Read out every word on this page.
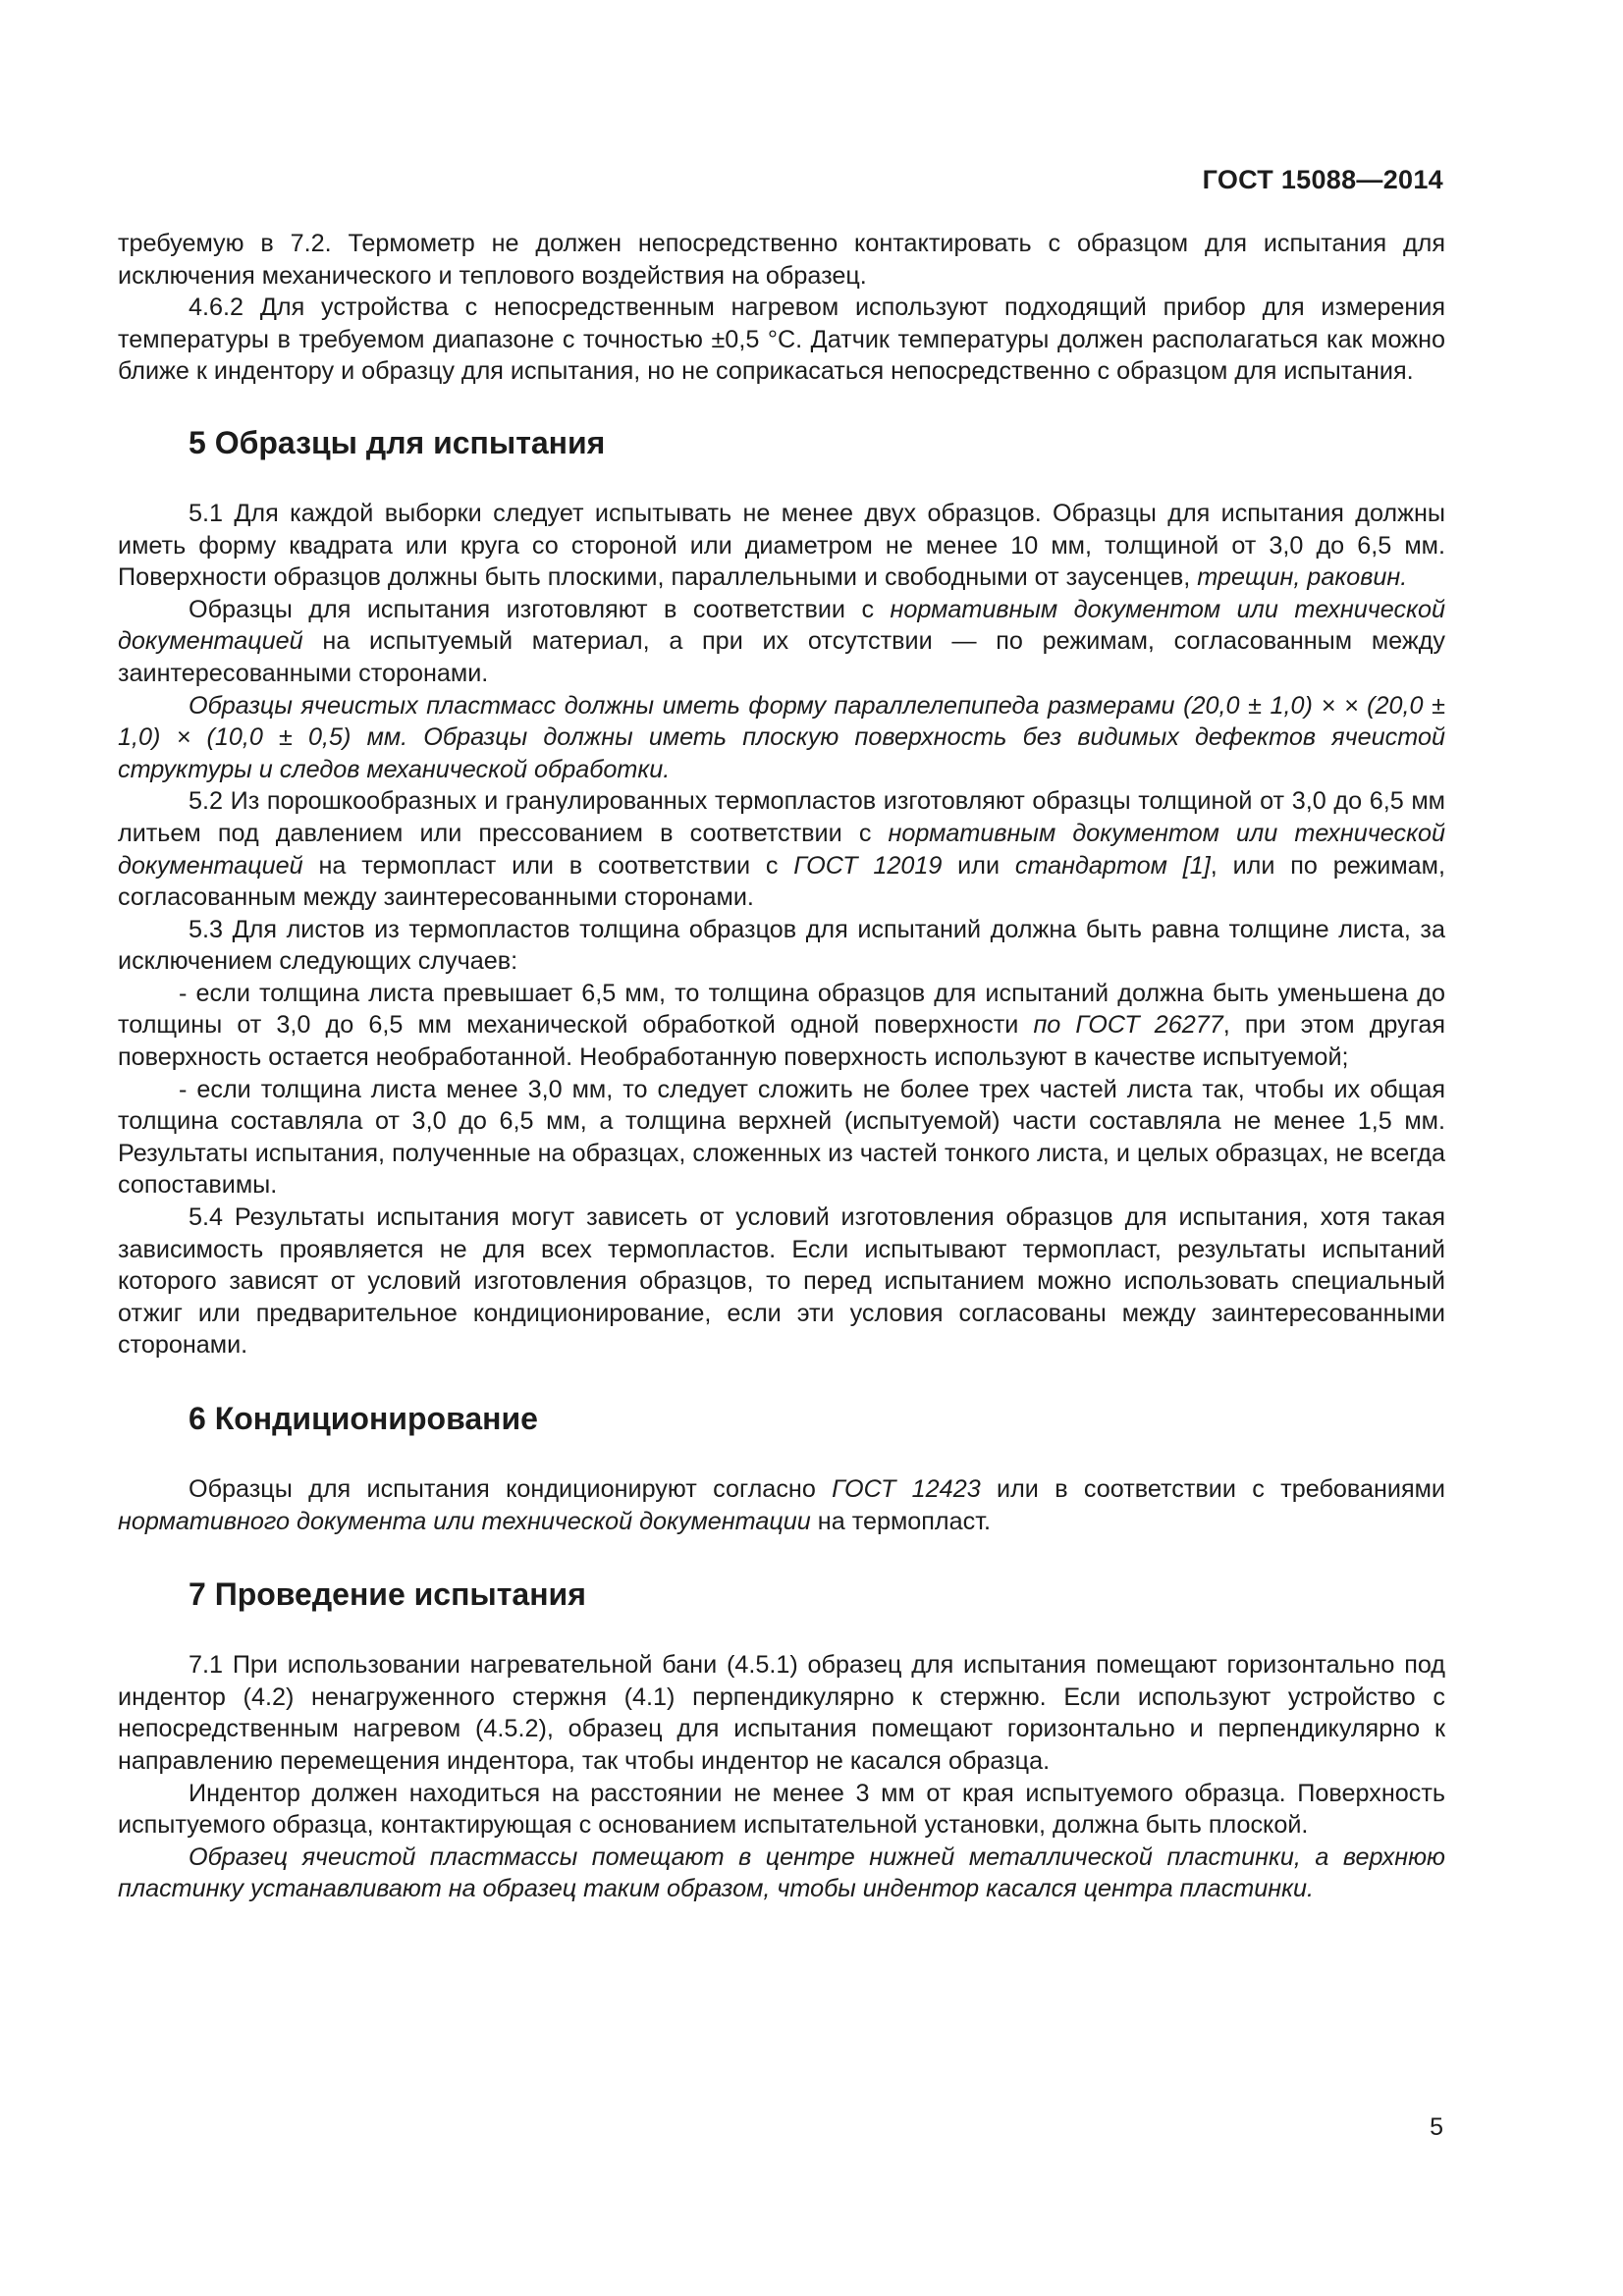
ГОСТ 15088—2014

требуемую в 7.2. Термометр не должен непосредственно контактировать с образцом для испытания для исключения механического и теплового воздействия на образец.

4.6.2 Для устройства с непосредственным нагревом используют подходящий прибор для измерения температуры в требуемом диапазоне с точностью ±0,5 °С. Датчик температуры должен располагаться как можно ближе к индентору и образцу для испытания, но не соприкасаться непосредственно с образцом для испытания.

5 Образцы для испытания

5.1 Для каждой выборки следует испытывать не менее двух образцов. Образцы для испытания должны иметь форму квадрата или круга со стороной или диаметром не менее 10 мм, толщиной от 3,0 до 6,5 мм. Поверхности образцов должны быть плоскими, параллельными и свободными от заусенцев, трещин, раковин.

Образцы для испытания изготовляют в соответствии с нормативным документом или технической документацией на испытуемый материал, а при их отсутствии — по режимам, согласованным между заинтересованными сторонами.

Образцы ячеистых пластмасс должны иметь форму параллелепипеда размерами (20,0 ± 1,0) × × (20,0 ± 1,0) × (10,0 ± 0,5) мм. Образцы должны иметь плоскую поверхность без видимых дефектов ячеистой структуры и следов механической обработки.

5.2 Из порошкообразных и гранулированных термопластов изготовляют образцы толщиной от 3,0 до 6,5 мм литьем под давлением или прессованием в соответствии с нормативным документом или технической документацией на термопласт или в соответствии с ГОСТ 12019 или стандартом [1], или по режимам, согласованным между заинтересованными сторонами.

5.3 Для листов из термопластов толщина образцов для испытаний должна быть равна толщине листа, за исключением следующих случаев:

- если толщина листа превышает 6,5 мм, то толщина образцов для испытаний должна быть уменьшена до толщины от 3,0 до 6,5 мм механической обработкой одной поверхности по ГОСТ 26277, при этом другая поверхность остается необработанной. Необработанную поверхность используют в качестве испытуемой;

- если толщина листа менее 3,0 мм, то следует сложить не более трех частей листа так, чтобы их общая толщина составляла от 3,0 до 6,5 мм, а толщина верхней (испытуемой) части составляла не менее 1,5 мм. Результаты испытания, полученные на образцах, сложенных из частей тонкого листа, и целых образцах, не всегда сопоставимы.

5.4 Результаты испытания могут зависеть от условий изготовления образцов для испытания, хотя такая зависимость проявляется не для всех термопластов. Если испытывают термопласт, результаты испытаний которого зависят от условий изготовления образцов, то перед испытанием можно использовать специальный отжиг или предварительное кондиционирование, если эти условия согласованы между заинтересованными сторонами.

6 Кондиционирование

Образцы для испытания кондиционируют согласно ГОСТ 12423 или в соответствии с требованиями нормативного документа или технической документации на термопласт.

7 Проведение испытания

7.1 При использовании нагревательной бани (4.5.1) образец для испытания помещают горизонтально под индентор (4.2) ненагруженного стержня (4.1) перпендикулярно к стержню. Если используют устройство с непосредственным нагревом (4.5.2), образец для испытания помещают горизонтально и перпендикулярно к направлению перемещения индентора, так чтобы индентор не касался образца.

Индентор должен находиться на расстоянии не менее 3 мм от края испытуемого образца. Поверхность испытуемого образца, контактирующая с основанием испытательной установки, должна быть плоской.

Образец ячеистой пластмассы помещают в центре нижней металлической пластинки, а верхнюю пластинку устанавливают на образец таким образом, чтобы индентор касался центра пластинки.

5
